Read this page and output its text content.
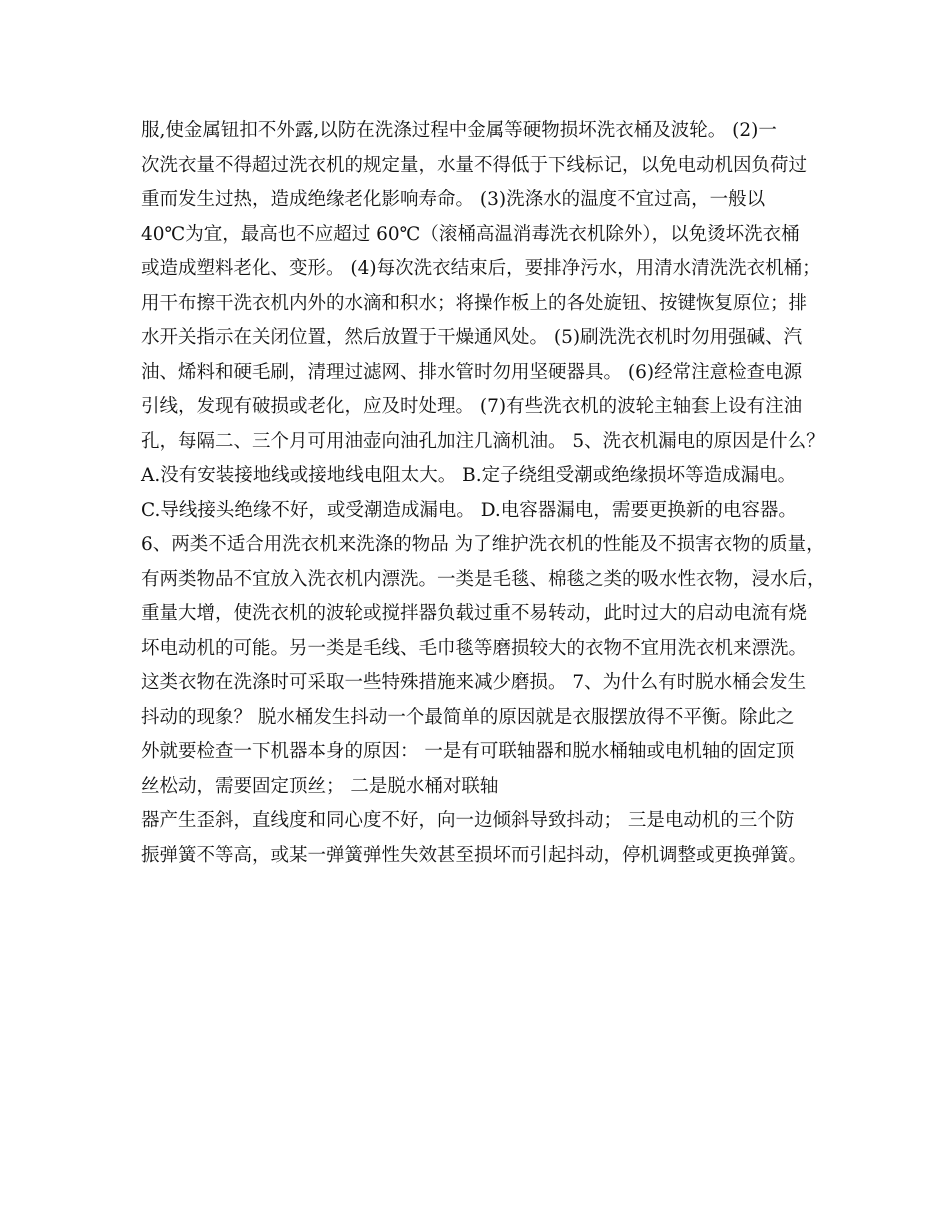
服,使金属钮扣不外露,以防在洗涤过程中金属等硬物损坏洗衣桶及波轮。 (2)一
次洗衣量不得超过洗衣机的规定量，水量不得低于下线标记，以免电动机因负荷过
重而发生过热，造成绝缘老化影响寿命。 (3)洗涤水的温度不宜过高，一般以
40℃为宜，最高也不应超过 60℃（滚桶高温消毒洗衣机除外），以免烫坏洗衣桶
或造成塑料老化、变形。 (4)每次洗衣结束后，要排净污水，用清水清洗洗衣机桶；
用干布擦干洗衣机内外的水滴和积水；将操作板上的各处旋钮、按键恢复原位；排
水开关指示在关闭位置，然后放置于干燥通风处。 (5)刷洗洗衣机时勿用强碱、汽
油、烯料和硬毛刷，清理过滤网、排水管时勿用坚硬器具。 (6)经常注意检查电源
引线，发现有破损或老化，应及时处理。 (7)有些洗衣机的波轮主轴套上设有注油
孔，每隔二、三个月可用油壶向油孔加注几滴机油。 5、洗衣机漏电的原因是什么？
A.没有安装接地线或接地线电阻太大。 B.定子绕组受潮或绝缘损坏等造成漏电。
C.导线接头绝缘不好，或受潮造成漏电。 D.电容器漏电，需要更换新的电容器。
6、两类不适合用洗衣机来洗涤的物品 为了维护洗衣机的性能及不损害衣物的质量，
有两类物品不宜放入洗衣机内漂洗。一类是毛毯、棉毯之类的吸水性衣物，浸水后，
重量大增，使洗衣机的波轮或搅拌器负载过重不易转动，此时过大的启动电流有烧
坏电动机的可能。另一类是毛线、毛巾毯等磨损较大的衣物不宜用洗衣机来漂洗。
这类衣物在洗涤时可采取一些特殊措施来减少磨损。 7、为什么有时脱水桶会发生
抖动的现象？ 脱水桶发生抖动一个最简单的原因就是衣服摆放得不平衡。除此之
外就要检查一下机器本身的原因： 一是有可联轴器和脱水桶轴或电机轴的固定顶
丝松动，需要固定顶丝； 二是脱水桶对联轴
器产生歪斜，直线度和同心度不好，向一边倾斜导致抖动； 三是电动机的三个防
振弹簧不等高，或某一弹簧弹性失效甚至损坏而引起抖动，停机调整或更换弹簧。
